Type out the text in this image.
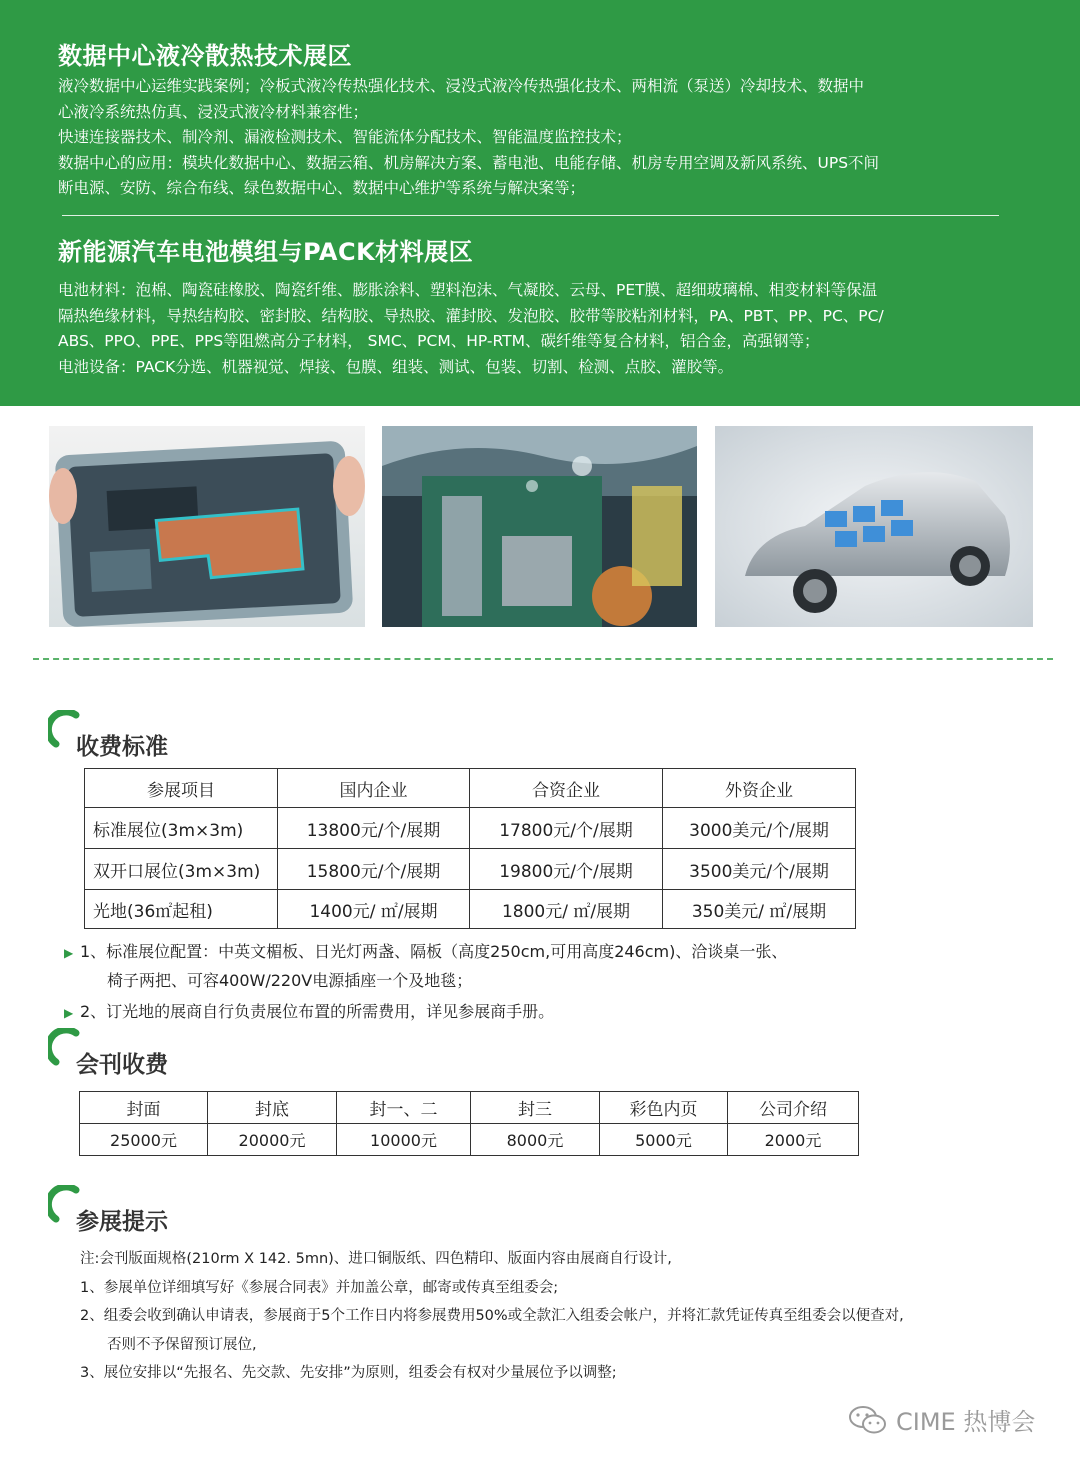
数据中心液冷散热技术展区

液冷数据中心运维实践案例；冷板式液冷传热强化技术、浸没式液冷传热强化技术、两相流（泵送）冷却技术、数据中
心液冷系统热仿真、浸没式液冷材料兼容性；
快速连接器技术、制冷剂、漏液检测技术、智能流体分配技术、智能温度监控技术；
数据中心的应用：模块化数据中心、数据云箱、机房解决方案、蓄电池、电能存储、机房专用空调及新风系统、UPS不间
断电源、安防、综合布线、绿色数据中心、数据中心维护等系统与解决案等；

新能源汽车电池模组与PACK材料展区

电池材料：泡棉、陶瓷硅橡胶、陶瓷纤维、膨胀涂料、塑料泡沫、气凝胶、云母、PET膜、超细玻璃棉、相变材料等保温
隔热绝缘材料，导热结构胶、密封胶、结构胶、导热胶、灌封胶、发泡胶、胶带等胶粘剂材料，PA、PBT、PP、PC、PC/
ABS、PPO、PPE、PPS等阻燃高分子材料， SMC、PCM、HP-RTM、碳纤维等复合材料，铝合金，高强钢等；
电池设备：PACK分选、机器视觉、焊接、包膜、组装、测试、包装、切割、检测、点胶、灌胶等。

收费标准
参展项目	国内企业	合资企业	外资企业
标准展位(3m×3m)	13800元/个/展期	17800元/个/展期	3000美元/个/展期
双开口展位(3m×3m)	15800元/个/展期	19800元/个/展期	3500美元/个/展期
光地(36㎡起租)	1400元/ ㎡/展期	1800元/ ㎡/展期	350美元/ ㎡/展期
▶ 1、标准展位配置：中英文楣板、日光灯两盏、隔板（高度250cm,可用高度246cm)、洽谈桌一张、
椅子两把、可容400W/220V电源插座一个及地毯；
▶ 2、订光地的展商自行负责展位布置的所需费用，详见参展商手册。
会刊收费
封面	封底	封一、二	封三	彩色内页	公司介绍
25000元	20000元	10000元	8000元	5000元	2000元
参展提示
注:会刊版面规格(210rm X 142. 5mn)、进口铜版纸、四色精印、版面内容由展商自行设计,
1、参展单位详细填写好《参展合同表》并加盖公章，邮寄或传真至组委会;
2、组委会收到确认申请表，参展商于5个工作日内将参展费用50%或全款汇入组委会帐户，并将汇款凭证传真至组委会以便查对,
否则不予保留预订展位,
3、展位安排以“先报名、先交款、先安排”为原则，组委会有权对少量展位予以调整;
CIME 热博会
